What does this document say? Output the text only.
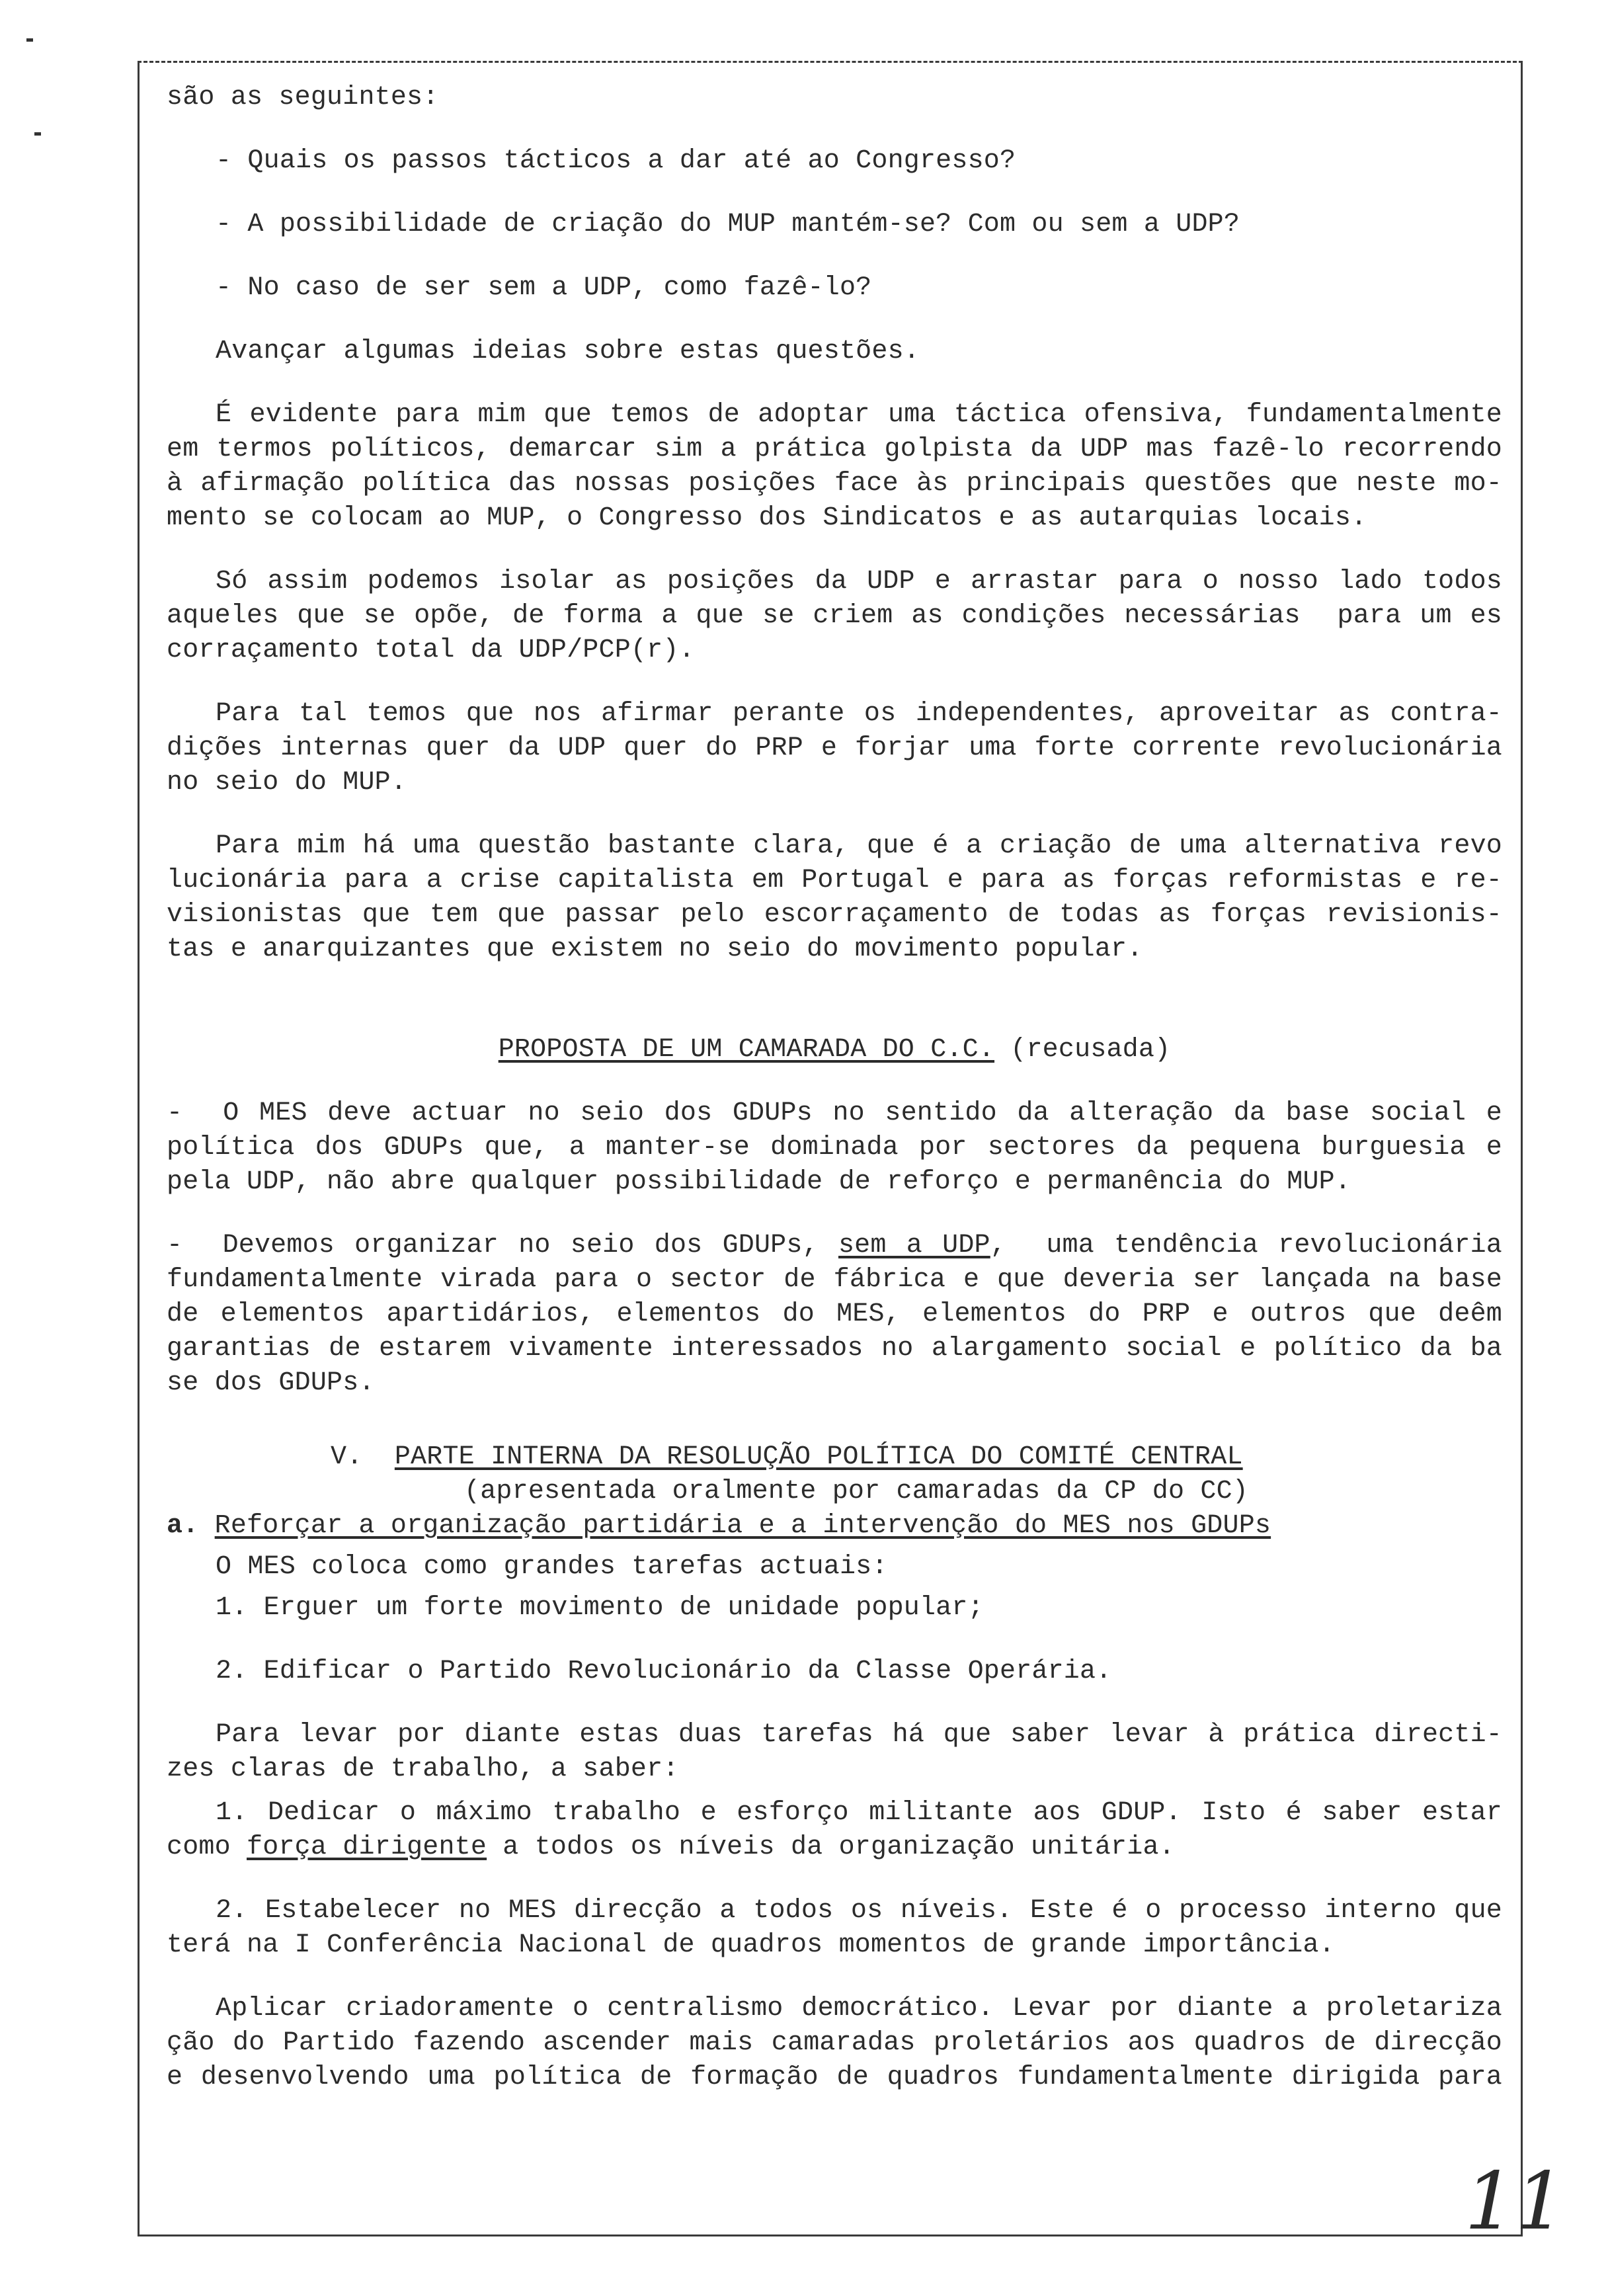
são as seguintes:

- Quais os passos tácticos a dar até ao Congresso?

- A possibilidade de criação do MUP mantém-se? Com ou sem a UDP?

- No caso de ser sem a UDP, como fazê-lo?

Avançar algumas ideias sobre estas questões.

É evidente para mim que temos de adoptar uma táctica ofensiva, fundamentalmente

em termos políticos, demarcar sim a prática golpista da UDP mas fazê-lo recorrendo

à afirmação política das nossas posições face às principais questões que neste mo-

mento se colocam ao MUP, o Congresso dos Sindicatos e as autarquias locais.

Só assim podemos isolar as posições da UDP e arrastar para o nosso lado todos

aqueles que se opõe, de forma a que se criem as condições necessárias  para um es

corraçamento total da UDP/PCP(r).

Para tal temos que nos afirmar perante os independentes, aproveitar as contra-

dições internas quer da UDP quer do PRP e forjar uma forte corrente revolucionária

no seio do MUP.

Para mim há uma questão bastante clara, que é a criação de uma alternativa revo

lucionária para a crise capitalista em Portugal e para as forças reformistas e re-

visionistas que tem que passar pelo escorraçamento de todas as forças revisionis-

tas e anarquizantes que existem no seio do movimento popular.

PROPOSTA DE UM CAMARADA DO C.C. (recusada)

-  O MES deve actuar no seio dos GDUPs no sentido da alteração da base social e

política dos GDUPs que, a manter-se dominada por sectores da pequena burguesia e

pela UDP, não abre qualquer possibilidade de reforço e permanência do MUP.

-  Devemos organizar no seio dos GDUPs, sem a UDP,  uma tendência revolucionária

fundamentalmente virada para o sector de fábrica e que deveria ser lançada na base

de elementos apartidários, elementos do MES, elementos do PRP e outros que deêm

garantias de estarem vivamente interessados no alargamento social e político da ba

se dos GDUPs.

V. PARTE INTERNA DA RESOLUÇÃO POLÍTICA DO COMITÉ CENTRAL

(apresentada oralmente por camaradas da CP do CC)

a. Reforçar a organização partidária e a intervenção do MES nos GDUPs

O MES coloca como grandes tarefas actuais:

1. Erguer um forte movimento de unidade popular;

2. Edificar o Partido Revolucionário da Classe Operária.

Para levar por diante estas duas tarefas há que saber levar à prática directi-

zes claras de trabalho, a saber:

1. Dedicar o máximo trabalho e esforço militante aos GDUP. Isto é saber estar

como força dirigente a todos os níveis da organização unitária.

2. Estabelecer no MES direcção a todos os níveis. Este é o processo interno que

terá na I Conferência Nacional de quadros momentos de grande importância.

Aplicar criadoramente o centralismo democrático. Levar por diante a proletariza

ção do Partido fazendo ascender mais camaradas proletários aos quadros de direcção

e desenvolvendo uma política de formação de quadros fundamentalmente dirigida para

11
